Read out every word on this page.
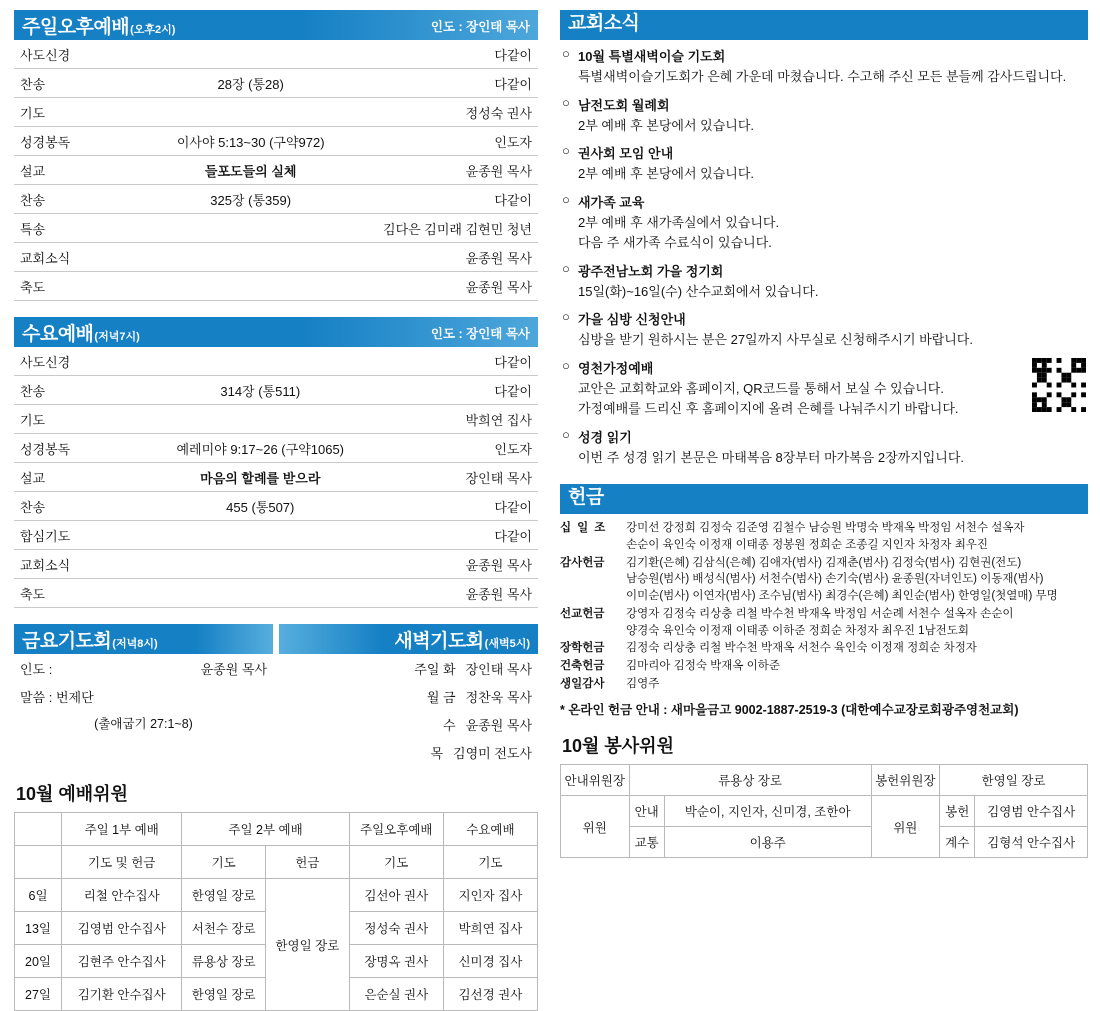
주일오후예배 (오후2시)	인도 : 장인태 목사
사도신경		다같이
찬송	28장 (통28)	다같이
기도		정성숙 권사
성경봉독	이사야 5:13~30 (구약972)	인도자
설교	들포도들의 실체	윤종원 목사
찬송	325장 (통359)	다같이
특송		김다은 김미래 김현민 청년
교회소식		윤종원 목사
축도		윤종원 목사
수요예배 (저녁7시)	인도 : 장인태 목사
사도신경		다같이
찬송	314장 (통511)	다같이
기도		박희연 집사
성경봉독	예레미야 9:17~26 (구약1065)	인도자
설교	마음의 할례를 받으라	장인태 목사
찬송	455 (통507)	다같이
합심기도		다같이
교회소식		윤종원 목사
축도		윤종원 목사
금요기도회 (저녁8시)	새벽기도회 (새벽5시)
인도 :	윤종원 목사
말씀 : 번제단
(출애굽기 27:1~8)
주일 화 장인태 목사
월 금 정찬욱 목사
수 윤종원 목사
목 김영미 전도사
10월 예배위원
	주일 1부 예배	주일 2부 예배		주일오후예배	수요예배
	기도 및 헌금	기도	헌금	기도	기도
6일	리철 안수집사	한영일 장로	한영일 장로	김선아 권사	지인자 집사
13일	김영범 안수집사	서천수 장로		정성숙 권사	박희연 집사
20일	김현주 안수집사	류용상 장로		장명옥 권사	신미경 집사
27일	김기환 안수집사	한영일 장로		은순실 권사	김선경 권사
교회소식
○ 10월 특별새벽이슬 기도회
특별새벽이슬기도회가 은혜 가운데 마쳤습니다. 수고해 주신 모든 분들께 감사드립니다.
○ 남전도회 월례회
2부 예배 후 본당에서 있습니다.
○ 권사회 모임 안내
2부 예배 후 본당에서 있습니다.
○ 새가족 교육
2부 예배 후 새가족실에서 있습니다.
다음 주 새가족 수료식이 있습니다.
○ 광주전남노회 가을 정기회
15일(화)~16일(수) 산수교회에서 있습니다.
○ 가을 심방 신청안내
심방을 받기 원하시는 분은 27일까지 사무실로 신청해주시기 바랍니다.
○ 영천가정예배
교안은 교회학교와 홈페이지, QR코드를 통해서 보실 수 있습니다.
가정예배를 드리신 후 홈페이지에 올려 은혜를 나눠주시기 바랍니다.
○ 성경 읽기
이번 주 성경 읽기 본문은 마태복음 8장부터 마가복음 2장까지입니다.
헌금
십일조	강미선 강정희 김정숙 김준영 김철수 남승원 박명숙 박재옥 박정임 서천수 설옥자
손순이 육인숙 이정재 이태종 정봉원 정희순 조종길 지인자 차정자 최우진
감사헌금	김기환(은혜) 김삼식(은혜) 김애자(범사) 김재춘(범사) 김정숙(범사) 김현권(전도)
남승원(범사) 배성식(범사) 서천수(범사) 손기숙(범사) 윤종원(자녀인도) 이동재(범사)
이미순(범사) 이연자(범사) 조수님(범사) 최경수(은혜) 최인순(범사) 한영일(첫열매) 무명
선교헌금	강영자 김정숙 리상충 리철 박수천 박재옥 박정임 서순례 서천수 설옥자 손순이
양경숙 육인숙 이정재 이태종 이하준 정희순 차정자 최우진 1남전도회
장학헌금	김정숙 리상충 리철 박수천 박재옥 서천수 육인숙 이정재 정희순 차정자
건축헌금	김마리아 김정숙 박재옥 이하준
생일감사	김영주
* 온라인 헌금 안내 : 새마을금고 9002-1887-2519-3 (대한예수교장로회광주영천교회)
10월 봉사위원
안내위원장	류용상 장로		봉헌위원장	한영일 장로	
위원	안내	박순이, 지인자, 신미경, 조한아	위원	봉헌	김영범 안수집사
	교통	이용주		계수	김형석 안수집사
